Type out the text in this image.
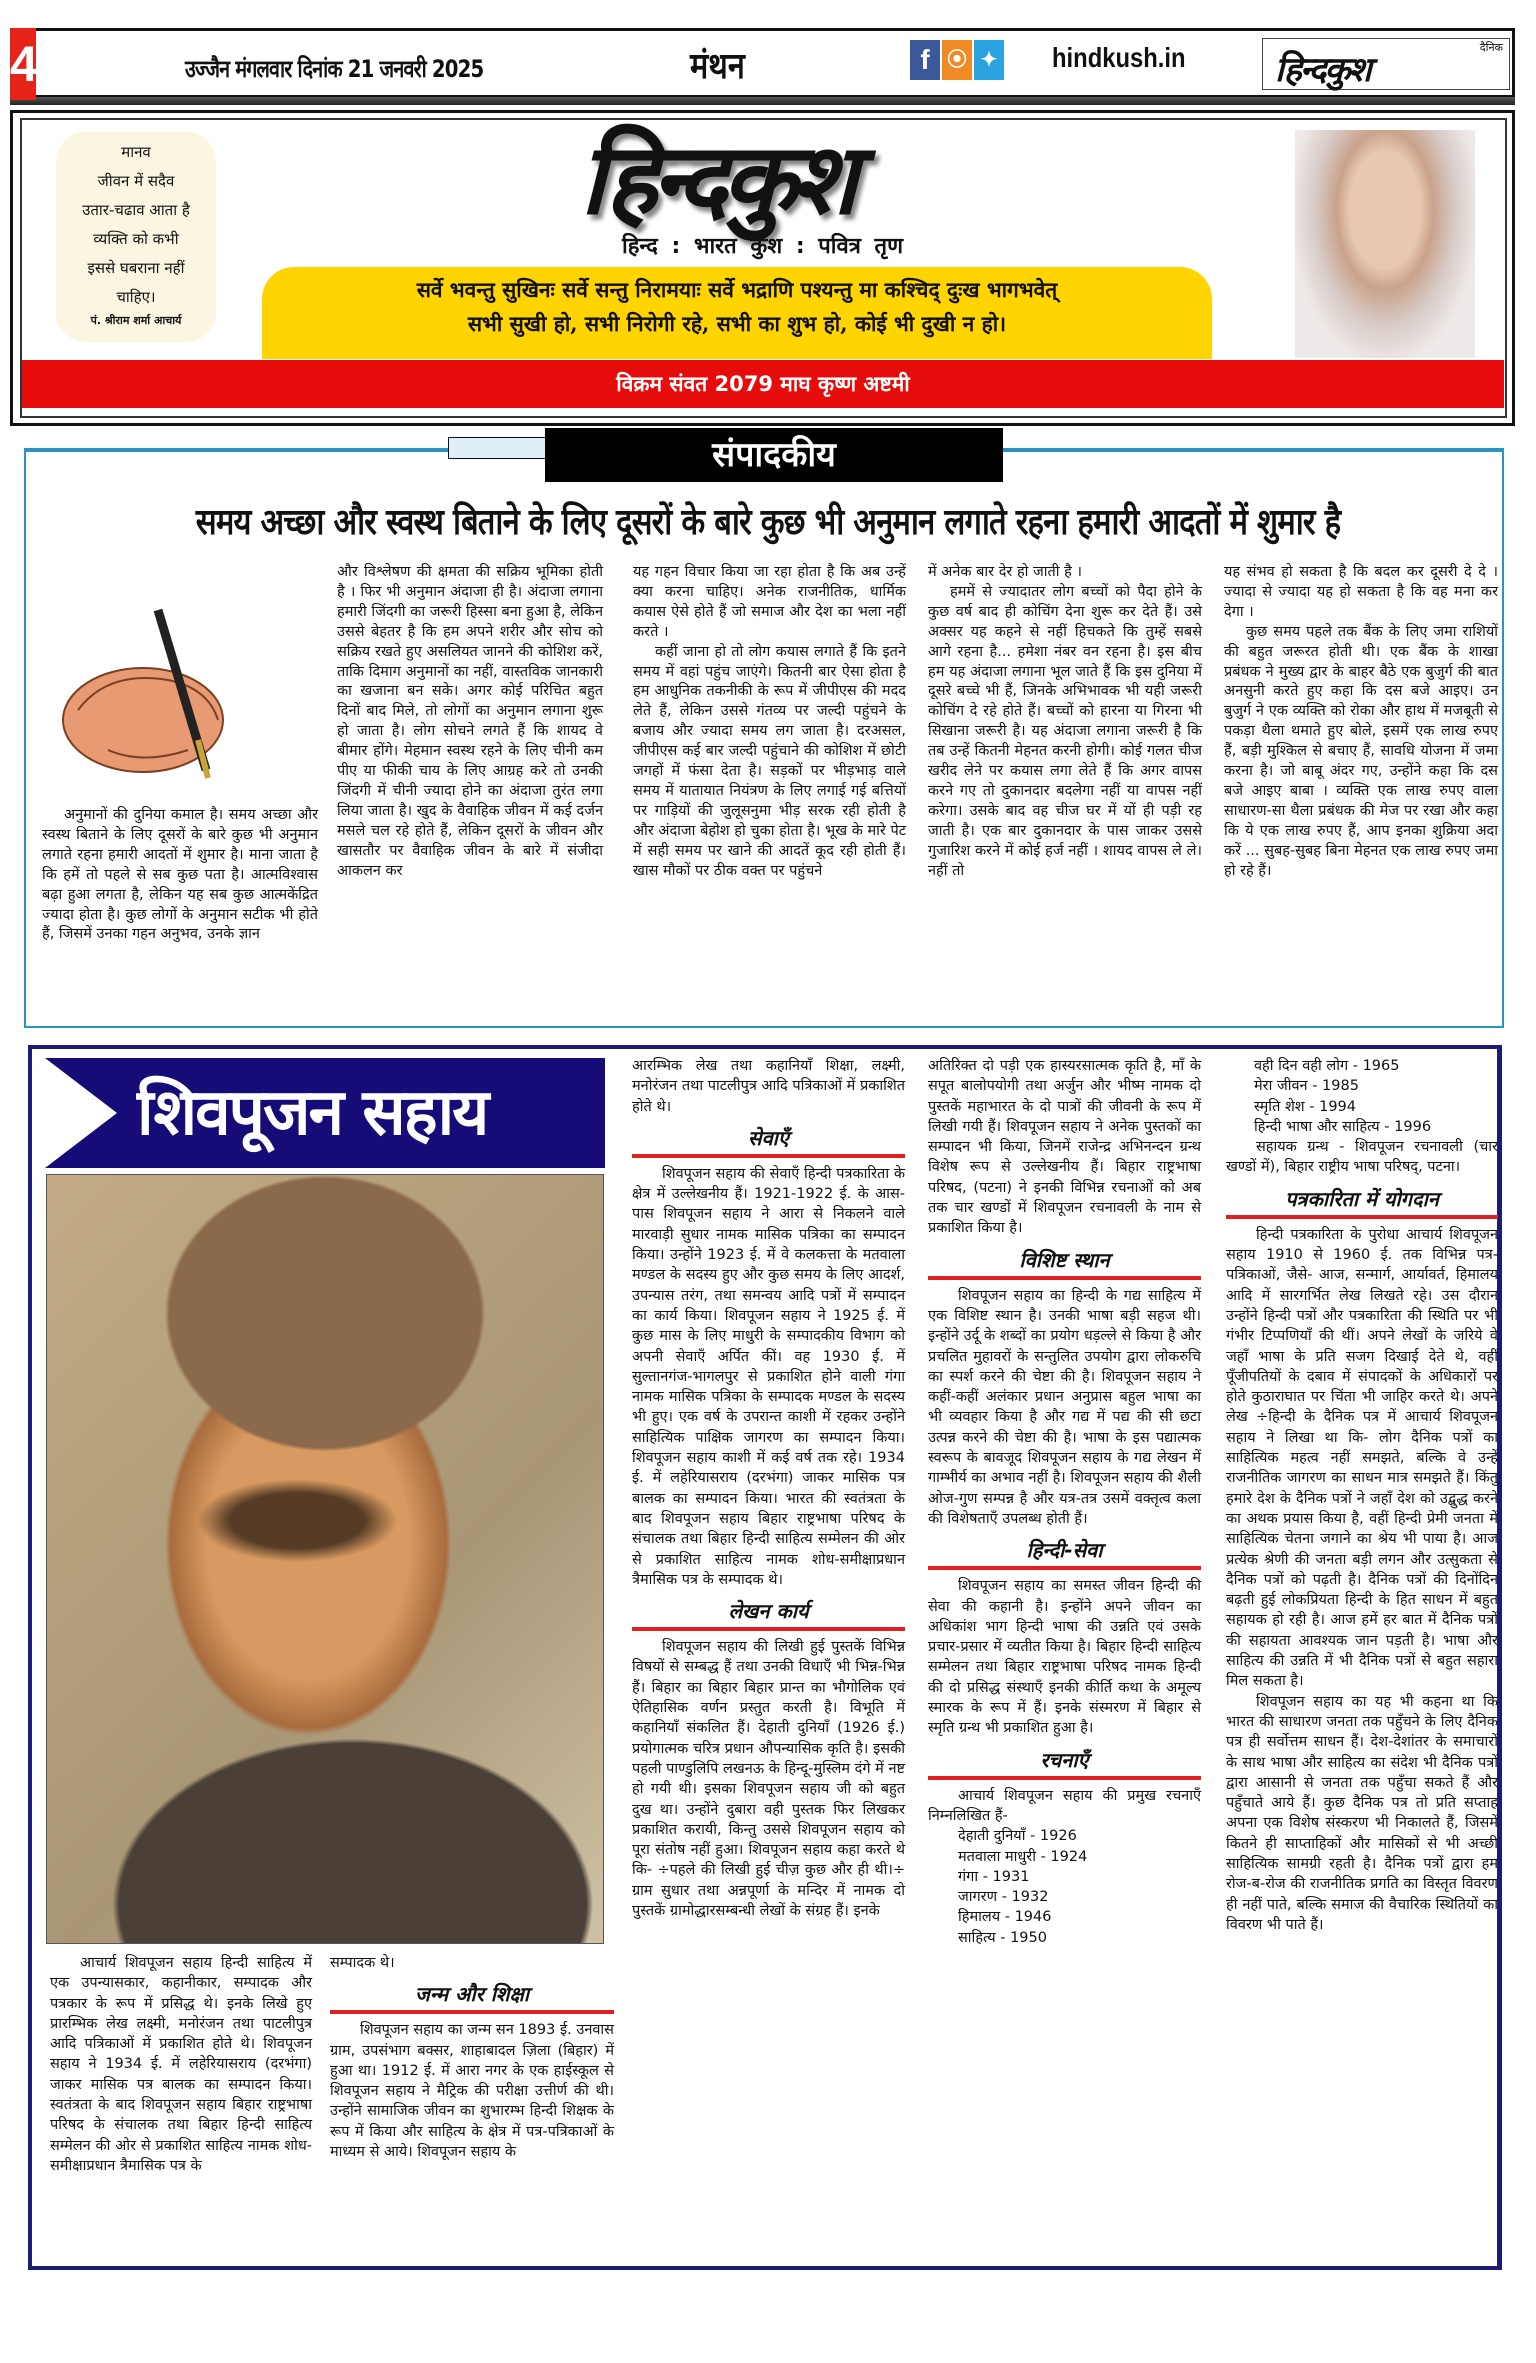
4	उज्जैन मंगलवार दिनांक 21 जनवरी 2025	मंथन	f ⦿ ✦ hindkush.in	दैनिक
हिन्दकुश
मानव
जीवन में सदैव
उतार-चढाव आता है
व्यक्ति को कभी
इससे घबराना नहीं
चाहिए।
पं. श्रीराम शर्मा आचार्य
हिन्दकुश
हिन्द : भारत कुश : पवित्र तृण
सर्वे भवन्तु सुखिनः सर्वे सन्तु निरामयाः सर्वे भद्राणि पश्यन्तु मा कश्चिद् दुःख भागभवेत्
सभी सुखी हो, सभी निरोगी रहे, सभी का शुभ हो, कोई भी दुखी न हो।
विक्रम संवत 2079 माघ कृष्ण अष्टमी
संपादकीय
समय अच्छा और स्वस्थ बिताने के लिए दूसरों के बारे कुछ भी अनुमान लगाते रहना हमारी आदतों में शुमार है

अनुमानों की दुनिया कमाल है। समय अच्छा और स्वस्थ बिताने के लिए दूसरों के बारे कुछ भी अनुमान लगाते रहना हमारी आदतों में शुमार है। माना जाता है कि हमें तो पहले से सब कुछ पता है। आत्मविश्वास बढ़ा हुआ लगता है, लेकिन यह सब कुछ आत्मकेंद्रित ज्यादा होता है। कुछ लोगों के अनुमान सटीक भी होते हैं, जिसमें उनका गहन अनुभव, उनके ज्ञान

और विश्लेषण की क्षमता की सक्रिय भूमिका होती है । फिर भी अनुमान अंदाजा ही है। अंदाजा लगाना हमारी जिंदगी का जरूरी हिस्सा बना हुआ है, लेकिन उससे बेहतर है कि हम अपने शरीर और सोच को सक्रिय रखते हुए असलियत जानने की कोशिश करें, ताकि दिमाग अनुमानों का नहीं, वास्तविक जानकारी का खजाना बन सके। अगर कोई परिचित बहुत दिनों बाद मिले, तो लोगों का अनुमान लगाना शुरू हो जाता है। लोग सोचने लगते हैं कि शायद वे बीमार होंगे। मेहमान स्वस्थ रहने के लिए चीनी कम पीए या फीकी चाय के लिए आग्रह करे तो उनकी जिंदगी में चीनी ज्यादा होने का अंदाजा तुरंत लगा लिया जाता है। खुद के वैवाहिक जीवन में कई दर्जन मसले चल रहे होते हैं, लेकिन दूसरों के जीवन और खासतौर पर वैवाहिक जीवन के बारे में संजीदा आकलन कर

यह गहन विचार किया जा रहा होता है कि अब उन्हें क्या करना चाहिए। अनेक राजनीतिक, धार्मिक कयास ऐसे होते हैं जो समाज और देश का भला नहीं करते ।

कहीं जाना हो तो लोग कयास लगाते हैं कि इतने समय में वहां पहुंच जाएंगे। कितनी बार ऐसा होता है हम आधुनिक तकनीकी के रूप में जीपीएस की मदद लेते हैं, लेकिन उससे गंतव्य पर जल्दी पहुंचने के बजाय और ज्यादा समय लग जाता है। दरअसल, जीपीएस कई बार जल्दी पहुंचाने की कोशिश में छोटी जगहों में फंसा देता है। सड़कों पर भीड़भाड़ वाले समय में यातायात नियंत्रण के लिए लगाई गई बत्तियों पर गाड़ियों की जुलूसनुमा भीड़ सरक रही होती है और अंदाजा बेहोश हो चुका होता है। भूख के मारे पेट में सही समय पर खाने की आदतें कूद रही होती हैं। खास मौकों पर ठीक वक्त पर पहुंचने

में अनेक बार देर हो जाती है ।

हममें से ज्यादातर लोग बच्चों को पैदा होने के कुछ वर्ष बाद ही कोचिंग देना शुरू कर देते हैं। उसे अक्सर यह कहने से नहीं हिचकते कि तुम्हें सबसे आगे रहना है... हमेशा नंबर वन रहना है। इस बीच हम यह अंदाजा लगाना भूल जाते हैं कि इस दुनिया में दूसरे बच्चे भी हैं, जिनके अभिभावक भी यही जरूरी कोचिंग दे रहे होते हैं। बच्चों को हारना या गिरना भी सिखाना जरूरी है। यह अंदाजा लगाना जरूरी है कि तब उन्हें कितनी मेहनत करनी होगी। कोई गलत चीज खरीद लेने पर कयास लगा लेते हैं कि अगर वापस करने गए तो दुकानदार बदलेगा नहीं या वापस नहीं करेगा। उसके बाद वह चीज घर में यों ही पड़ी रह जाती है। एक बार दुकानदार के पास जाकर उससे गुजारिश करने में कोई हर्ज नहीं । शायद वापस ले ले। नहीं तो

यह संभव हो सकता है कि बदल कर दूसरी दे दे । ज्यादा से ज्यादा यह हो सकता है कि वह मना कर देगा ।

कुछ समय पहले तक बैंक के लिए जमा राशियों की बहुत जरूरत होती थी। एक बैंक के शाखा प्रबंधक ने मुख्य द्वार के बाहर बैठे एक बुजुर्ग की बात अनसुनी करते हुए कहा कि दस बजे आइए। उन बुजुर्ग ने एक व्यक्ति को रोका और हाथ में मजबूती से पकड़ा थैला थमाते हुए बोले, इसमें एक लाख रुपए हैं, बड़ी मुश्किल से बचाए हैं, सावधि योजना में जमा करना है। जो बाबू अंदर गए, उन्होंने कहा कि दस बजे आइए बाबा । व्यक्ति एक लाख रुपए वाला साधारण-सा थैला प्रबंधक की मेज पर रखा और कहा कि ये एक लाख रुपए हैं, आप इनका शुक्रिया अदा करें ... सुबह-सुबह बिना मेहनत एक लाख रुपए जमा हो रहे हैं।

शिवपूजन सहाय

आचार्य शिवपूजन सहाय हिन्दी साहित्य में एक उपन्यासकार, कहानीकार, सम्पादक और पत्रकार के रूप में प्रसिद्ध थे। इनके लिखे हुए प्रारम्भिक लेख लक्ष्मी, मनोरंजन तथा पाटलीपुत्र आदि पत्रिकाओं में प्रकाशित होते थे। शिवपूजन सहाय ने 1934 ई. में लहेरियासराय (दरभंगा) जाकर मासिक पत्र बालक का सम्पादन किया। स्वतंत्रता के बाद शिवपूजन सहाय बिहार राष्ट्रभाषा परिषद के संचालक तथा बिहार हिन्दी साहित्य सम्मेलन की ओर से प्रकाशित साहित्य नामक शोध-समीक्षाप्रधान त्रैमासिक पत्र के

सम्पादक थे।

जन्म और शिक्षा

शिवपूजन सहाय का जन्म सन 1893 ई. उनवास ग्राम, उपसंभाग बक्सर, शाहाबादल ज़िला (बिहार) में हुआ था। 1912 ई. में आरा नगर के एक हाईस्कूल से शिवपूजन सहाय ने मैट्रिक की परीक्षा उत्तीर्ण की थी। उन्होंने सामाजिक जीवन का शुभारम्भ हिन्दी शिक्षक के रूप में किया और साहित्य के क्षेत्र में पत्र-पत्रिकाओं के माध्यम से आये। शिवपूजन सहाय के

आरम्भिक लेख तथा कहानियाँ शिक्षा, लक्ष्मी, मनोरंजन तथा पाटलीपुत्र आदि पत्रिकाओं में प्रकाशित होते थे।

सेवाएँ

शिवपूजन सहाय की सेवाएँ हिन्दी पत्रकारिता के क्षेत्र में उल्लेखनीय हैं। 1921-1922 ई. के आस-पास शिवपूजन सहाय ने आरा से निकलने वाले मारवाड़ी सुधार नामक मासिक पत्रिका का सम्पादन किया। उन्होंने 1923 ई. में वे कलकत्ता के मतवाला मण्डल के सदस्य हुए और कुछ समय के लिए आदर्श, उपन्यास तरंग, तथा समन्वय आदि पत्रों में सम्पादन का कार्य किया। शिवपूजन सहाय ने 1925 ई. में कुछ मास के लिए माधुरी के सम्पादकीय विभाग को अपनी सेवाएँ अर्पित कीं। वह 1930 ई. में सुल्तानगंज-भागलपुर से प्रकाशित होने वाली गंगा नामक मासिक पत्रिका के सम्पादक मण्डल के सदस्य भी हुए। एक वर्ष के उपरान्त काशी में रहकर उन्होंने साहित्यिक पाक्षिक जागरण का सम्पादन किया। शिवपूजन सहाय काशी में कई वर्ष तक रहे। 1934 ई. में लहेरियासराय (दरभंगा) जाकर मासिक पत्र बालक का सम्पादन किया। भारत की स्वतंत्रता के बाद शिवपूजन सहाय बिहार राष्ट्रभाषा परिषद के संचालक तथा बिहार हिन्दी साहित्य सम्मेलन की ओर से प्रकाशित साहित्य नामक शोध-समीक्षाप्रधान त्रैमासिक पत्र के सम्पादक थे।

लेखन कार्य

शिवपूजन सहाय की लिखी हुई पुस्तकें विभिन्न विषयों से सम्बद्ध हैं तथा उनकी विधाएँ भी भिन्न-भिन्न हैं। बिहार का बिहार बिहार प्रान्त का भौगोलिक एवं ऐतिहासिक वर्णन प्रस्तुत करती है। विभूति में कहानियाँ संकलित हैं। देहाती दुनियाँ (1926 ई.) प्रयोगात्मक चरित्र प्रधान औपन्यासिक कृति है। इसकी पहली पाण्डुलिपि लखनऊ के हिन्दू-मुस्लिम दंगे में नष्ट हो गयी थी। इसका शिवपूजन सहाय जी को बहुत दुख था। उन्होंने दुबारा वही पुस्तक फिर लिखकर प्रकाशित करायी, किन्तु उससे शिवपूजन सहाय को पूरा संतोष नहीं हुआ। शिवपूजन सहाय कहा करते थे कि- ÷पहले की लिखी हुई चीज़ कुछ और ही थी।÷ ग्राम सुधार तथा अन्नपूर्णा के मन्दिर में नामक दो पुस्तकें ग्रामोद्धारसम्बन्धी लेखों के संग्रह हैं। इनके

अतिरिक्त दो पड़ी एक हास्यरसात्मक कृति है, माँ के सपूत बालोपयोगी तथा अर्जुन और भीष्म नामक दो पुस्तकें महाभारत के दो पात्रों की जीवनी के रूप में लिखी गयी हैं। शिवपूजन सहाय ने अनेक पुस्तकों का सम्पादन भी किया, जिनमें राजेन्द्र अभिनन्दन ग्रन्थ विशेष रूप से उल्लेखनीय हैं। बिहार राष्ट्रभाषा परिषद, (पटना) ने इनकी विभिन्न रचनाओं को अब तक चार खण्डों में शिवपूजन रचनावली के नाम से प्रकाशित किया है।

विशिष्ट स्थान

शिवपूजन सहाय का हिन्दी के गद्य साहित्य में एक विशिष्ट स्थान है। उनकी भाषा बड़ी सहज थी। इन्होंने उर्दू के शब्दों का प्रयोग धड़ल्ले से किया है और प्रचलित मुहावरों के सन्तुलित उपयोग द्वारा लोकरुचि का स्पर्श करने की चेष्टा की है। शिवपूजन सहाय ने कहीं-कहीं अलंकार प्रधान अनुप्रास बहुल भाषा का भी व्यवहार किया है और गद्य में पद्य की सी छटा उत्पन्न करने की चेष्टा की है। भाषा के इस पद्यात्मक स्वरूप के बावजूद शिवपूजन सहाय के गद्य लेखन में गाम्भीर्य का अभाव नहीं है। शिवपूजन सहाय की शैली ओज-गुण सम्पन्न है और यत्र-तत्र उसमें वक्तृत्व कला की विशेषताएँ उपलब्ध होती हैं।

हिन्दी-सेवा

शिवपूजन सहाय का समस्त जीवन हिन्दी की सेवा की कहानी है। इन्होंने अपने जीवन का अधिकांश भाग हिन्दी भाषा की उन्नति एवं उसके प्रचार-प्रसार में व्यतीत किया है। बिहार हिन्दी साहित्य सम्मेलन तथा बिहार राष्ट्रभाषा परिषद नामक हिन्दी की दो प्रसिद्ध संस्थाएँ इनकी कीर्ति कथा के अमूल्य स्मारक के रूप में हैं। इनके संस्मरण में बिहार से स्मृति ग्रन्थ भी प्रकाशित हुआ है।

रचनाएँ

आचार्य शिवपूजन सहाय की प्रमुख रचनाएँ निम्नलिखित हैं-

देहाती दुनियाँ - 1926
मतवाला माधुरी - 1924
गंगा - 1931
जागरण - 1932
हिमालय - 1946
साहित्य - 1950
वही दिन वही लोग - 1965
मेरा जीवन - 1985
स्मृति शेश - 1994
हिन्दी भाषा और साहित्य - 1996

सहायक ग्रन्थ - शिवपूजन रचनावली (चार खण्डों में), बिहार राष्ट्रीय भाषा परिषद्, पटना।

पत्रकारिता में योगदान

हिन्दी पत्रकारिता के पुरोधा आचार्य शिवपूजन सहाय 1910 से 1960 ई. तक विभिन्न पत्र-पत्रिकाओं, जैसे- आज, सन्मार्ग, आर्यावर्त, हिमालय आदि में सारगर्भित लेख लिखते रहे। उस दौरान उन्होंने हिन्दी पत्रों और पत्रकारिता की स्थिति पर भी गंभीर टिप्पणियाँ की थीं। अपने लेखों के जरिये वे जहाँ भाषा के प्रति सजग दिखाई देते थे, वहीं पूँजीपतियों के दबाव में संपादकों के अधिकारों पर होते कुठाराघात पर चिंता भी जाहिर करते थे। अपने लेख ÷हिन्दी के दैनिक पत्र में आचार्य शिवपूजन सहाय ने लिखा था कि- लोग दैनिक पत्रों का साहित्यिक महत्व नहीं समझते, बल्कि वे उन्हें राजनीतिक जागरण का साधन मात्र समझते हैं। किंतु हमारे देश के दैनिक पत्रों ने जहाँ देश को उद्बुद्ध करने का अथक प्रयास किया है, वहीं हिन्दी प्रेमी जनता में साहित्यिक चेतना जगाने का श्रेय भी पाया है। आज प्रत्येक श्रेणी की जनता बड़ी लगन और उत्सुकता से दैनिक पत्रों को पढ़ती है। दैनिक पत्रों की दिनोंदिन बढ़ती हुई लोकप्रियता हिन्दी के हित साधन में बहुत सहायक हो रही है। आज हमें हर बात में दैनिक पत्रों की सहायता आवश्यक जान पड़ती है। भाषा और साहित्य की उन्नति में भी दैनिक पत्रों से बहुत सहारा मिल सकता है।

शिवपूजन सहाय का यह भी कहना था कि भारत की साधारण जनता तक पहुँचने के लिए दैनिक पत्र ही सर्वोत्तम साधन हैं। देश-देशांतर के समाचारों के साथ भाषा और साहित्य का संदेश भी दैनिक पत्रों द्वारा आसानी से जनता तक पहुँचा सकते हैं और पहुँचाते आये हैं। कुछ दैनिक पत्र तो प्रति सप्ताह अपना एक विशेष संस्करण भी निकालते हैं, जिसमें कितने ही साप्ताहिकों और मासिकों से भी अच्छी साहित्यिक सामग्री रहती है। दैनिक पत्रों द्वारा हम रोज-ब-रोज की राजनीतिक प्रगति का विस्तृत विवरण ही नहीं पाते, बल्कि समाज की वैचारिक स्थितियों का विवरण भी पाते हैं।
